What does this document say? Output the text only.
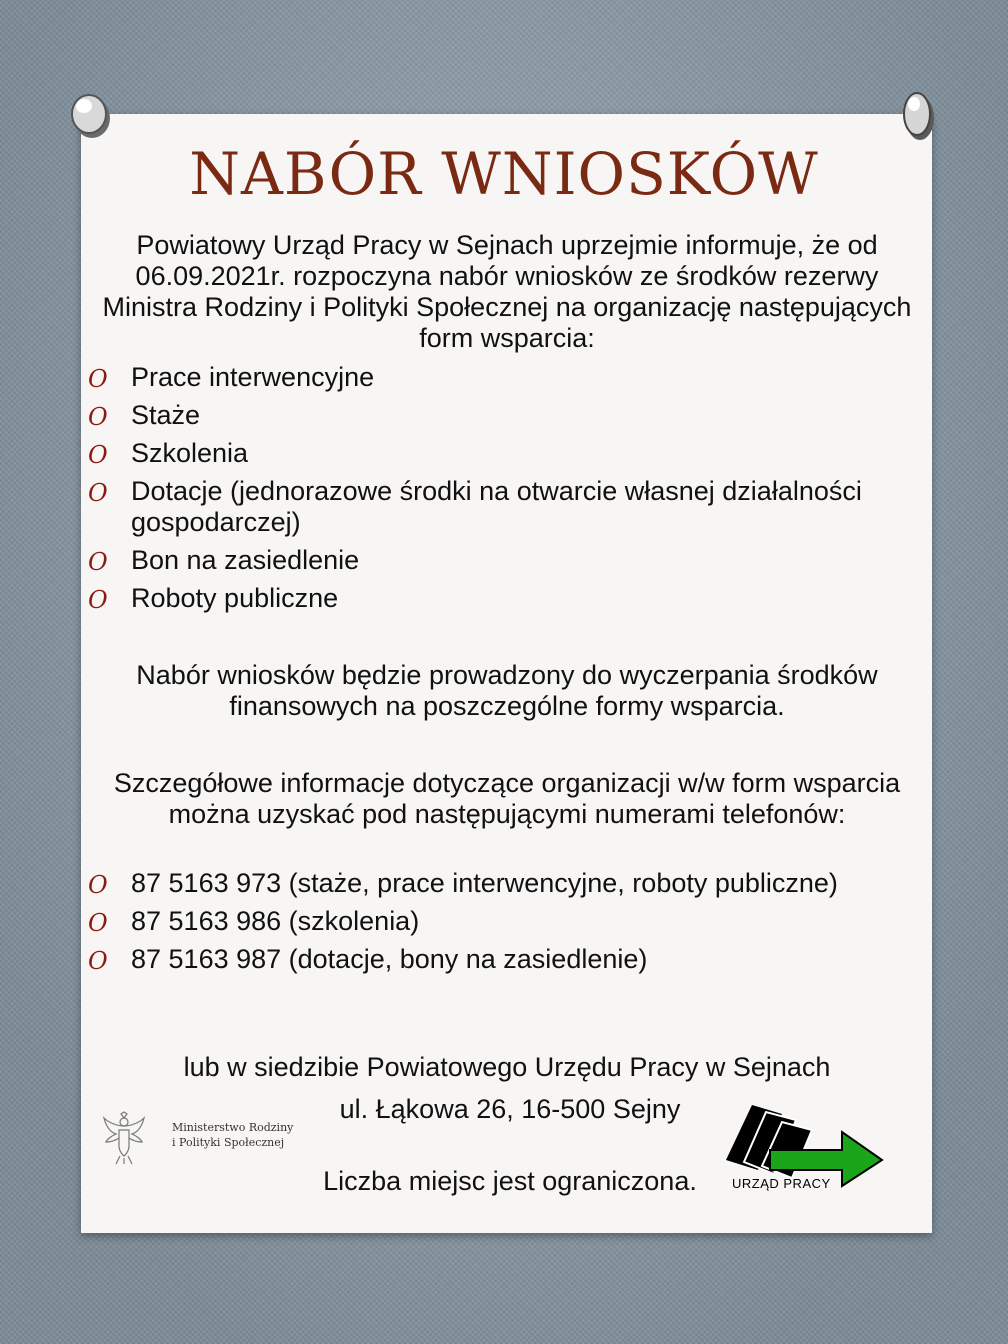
NABÓR WNIOSKÓW

Powiatowy Urząd Pracy w Sejnach uprzejmie informuje, że od 06.09.2021r. rozpoczyna nabór wniosków ze środków rezerwy Ministra Rodziny i Polityki Społecznej na organizację następujących form wsparcia:

O Prace interwencyjne
O Staże
O Szkolenia
O Dotacje (jednorazowe środki na otwarcie własnej działalności gospodarczej)
O Bon na zasiedlenie
O Roboty publiczne

Nabór wniosków będzie prowadzony do wyczerpania środków finansowych na poszczególne formy wsparcia.

Szczegółowe informacje dotyczące organizacji w/w form wsparcia można uzyskać pod następującymi numerami telefonów:

O 87 5163 973 (staże, prace interwencyjne, roboty publiczne)
O 87 5163 986 (szkolenia)
O 87 5163 987 (dotacje, bony na zasiedlenie)

lub w siedzibie Powiatowego Urzędu Pracy w Sejnach

ul. Łąkowa 26, 16-500 Sejny

Liczba miejsc jest ograniczona.

Ministerstwo Rodziny
i Polityki Społecznej
URZĄD PRACY
